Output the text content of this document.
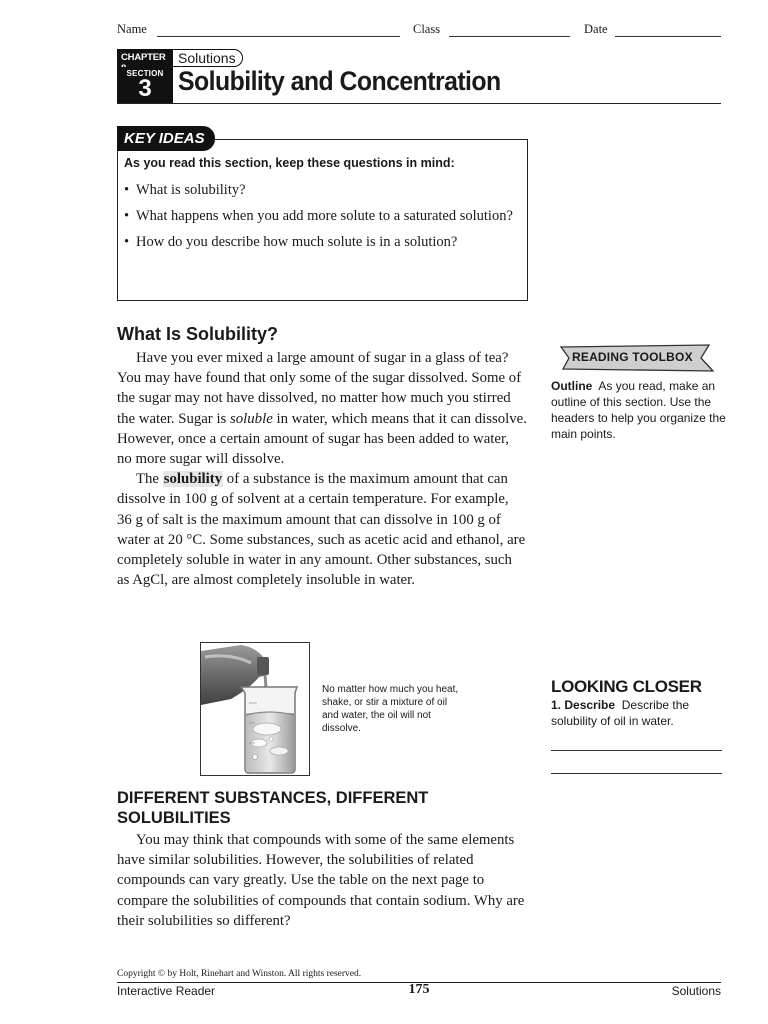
Name	Class	Date
CHAPTER Solutions
SECTION
3 Solubility and Concentration
KEY IDEAS
As you read this section, keep these questions in mind:
• What is solubility?
• What happens when you add more solute to a saturated solution?
• How do you describe how much solute is in a solution?
What Is Solubility?

Have you ever mixed a large amount of sugar in a glass of tea? You may have found that only some of the sugar dissolved. Some of the sugar may not have dissolved, no matter how much you stirred the water. Sugar is soluble in water, which means that it can dissolve. However, once a certain amount of sugar has been added to water, no more sugar will dissolve.

The solubility of a substance is the maximum amount that can dissolve in 100 g of solvent at a certain temperature. For example, 36 g of salt is the maximum amount that can dissolve in 100 g of water at 20 °C. Some substances, such as acetic acid and ethanol, are completely soluble in water in any amount. Other substances, such as AgCl, are almost completely insoluble in water.

No matter how much you heat, shake, or stir a mixture of oil and water, the oil will not dissolve.
DIFFERENT SUBSTANCES, DIFFERENT SOLUBILITIES

You may think that compounds with some of the same elements have similar solubilities. However, the solubilities of related compounds can vary greatly. Use the table on the next page to compare the solubilities of compounds that contain sodium. Why are their solubilities so different?

READING TOOLBOX
Outline As you read, make an outline of this section. Use the headers to help you organize the main points.
LOOKING CLOSER
1. Describe Describe the solubility of oil in water.
Copyright © by Holt, Rinehart and Winston. All rights reserved.
Interactive Reader	175	Solutions
